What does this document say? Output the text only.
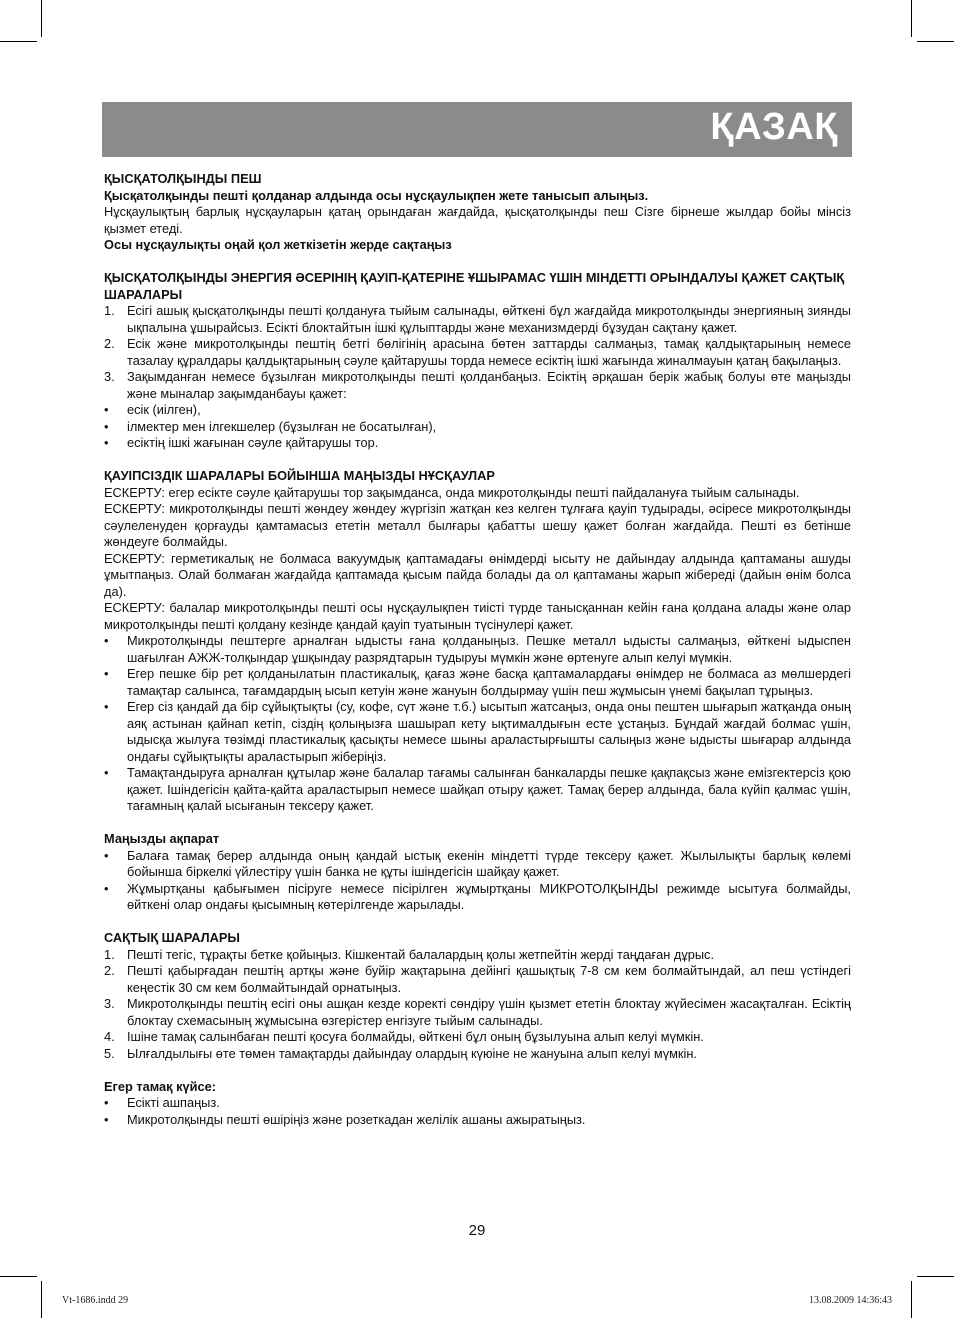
ҚАЗАҚ

ҚЫСҚАТОЛҚЫНДЫ ПЕШ

Қысқатолқынды пешті қолданар алдында осы нұсқаулықпен жете танысып алыңыз.

Нұсқаулықтың барлық нұсқауларын қатаң орындаған жағдайда, қысқатолқынды пеш Сізге бірнеше жылдар бойы мінсіз қызмет етеді.

Осы нұсқаулықты оңай қол жеткізетін жерде сақтаңыз

ҚЫСҚАТОЛҚЫНДЫ ЭНЕРГИЯ ӘСЕРІНІҢ ҚАУІП-ҚАТЕРІНЕ ҰШЫРАМАС ҮШІН МІНДЕТТІ ОРЫНДАЛУЫ ҚАЖЕТ САҚТЫҚ ШАРАЛАРЫ

1. Есігі ашық қысқатолқынды пешті қолдануға тыйым салынады, өйткені бұл жағдайда микротолқынды энергияның зиянды ықпалына ұшырайсыз. Есікті блоктайтын ішкі құлыптарды және механизмдерді бұзудан сақтану қажет.
2. Есік және микротолқынды пештің бетгі бөлігінің арасына бөтен заттарды салмаңыз, тамақ қалдықтарының немесе тазалау құралдары қалдықтарының сәуле қайтарушы торда немесе есіктің ішкі жағында жиналмауын қатаң бақылаңыз.
3. Зақымданған немесе бұзылған микротолқынды пешті қолданбаңыз. Есіктің әрқашан берік жабық болуы өте маңызды және мыналар зақымданбауы қажет:
• есік (иілген),
• ілмектер мен ілгекшелер (бұзылған не босатылған),
• есіктің ішкі жағынан сәуле қайтарушы тор.

ҚАУІПСІЗДІК ШАРАЛАРЫ БОЙЫНША МАҢЫЗДЫ НҰСҚАУЛАР

ЕСКЕРТУ: егер есікте сәуле қайтарушы тор зақымданса, онда микротолқынды пешті пайдалануға тыйым салынады.

ЕСКЕРТУ: микротолқынды пешті жөндеу жөндеу жүргізіп жатқан кез келген тұлғаға қауіп тудырады, әсіресе микротолқынды сәулеленуден қорғауды қамтамасыз ететін металл былғары қабатты шешу қажет болған жағдайда. Пешті өз бетінше жөндеуге болмайды.

ЕСКЕРТУ: герметикалық не болмаса вакуумдық қаптамадағы өнімдерді ысыту не дайындау алдында қаптаманы ашуды ұмытпаңыз. Олай болмаған жағдайда қаптамада қысым пайда болады да ол қаптаманы жарып жібереді (дайын өнім болса да).

ЕСКЕРТУ: балалар микротолқынды пешті осы нұсқаулықпен тиісті түрде танысқаннан кейін ғана қолдана алады және олар микротолқынды пешті қолдану кезінде қандай қауіп туатынын түсінулері қажет.

• Микротолқынды пештерге арналған ыдысты ғана қолданыңыз. Пешке металл ыдысты салмаңыз, өйткені ыдыспен шағылған АЖЖ-толқындар ұшқындау разрядтарын тудыруы мүмкін және өртенуге алып келуі мүмкін.
• Егер пешке бір рет қолданылатын пластикалық, қағаз және басқа қаптамалардағы өнімдер не болмаса аз мөлшердегі тамақтар салынса, тағамдардың ысып кетуін және жануын болдырмау үшін пеш жұмысын үнемі бақылап тұрыңыз.
• Егер сіз қандай да бір сұйықтықты (су, кофе, сүт және т.б.) ысытып жатсаңыз, онда оны пештен шығарып жатқанда оның аяқ астынан қайнап кетіп, сіздің қолыңызға шашырап кету ықтималдығын есте ұстаңыз. Бұндай жағдай болмас үшін, ыдысқа жылуға төзімді пластикалық қасықты немесе шыны араластырғышты салыңыз және ыдысты шығарар алдында ондағы сұйықтықты араластырып жіберіңіз.
• Тамақтандыруға арналған құтылар және балалар тағамы салынған банкаларды пешке қақпақсыз және емізгектерсіз қою қажет. Ішіндегісін қайта-қайта араластырып немесе шайқап отыру қажет. Тамақ берер алдында, бала күйіп қалмас үшін, тағамның қалай ысығанын тексеру қажет.

Маңызды ақпарат

• Балаға тамақ берер алдында оның қандай ыстық екенін міндетті түрде тексеру қажет. Жылылықты барлық көлемі бойынша біркелкі үйлестіру үшін банка не құты ішіндегісін шайқау қажет.
• Жұмыртқаны қабығымен пісіруге немесе пісірілген жұмыртқаны МИКРОТОЛҚЫНДЫ режимде ысытуға болмайды, өйткені олар ондағы қысымның көтерілгенде жарылады.

САҚТЫҚ ШАРАЛАРЫ

1. Пешті тегіс, тұрақты бетке қойыңыз. Кішкентай балалардың қолы жетпейтін жерді таңдаған дұрыс.
2. Пешті қабырғадан пештің артқы және буйір жақтарына дейінгі қашықтық 7-8 см кем болмайтындай, ал пеш үстіндегі кеңестік 30 см кем болмайтындай орнатыңыз.
3. Микротолқынды пештің есігі оны ашқан кезде коректі сөндіру үшін қызмет ететін блоктау жүйесімен жасақталған. Есіктің блоктау схемасының жұмысына өзгерістер енгізуге тыйым салынады.
4. Ішіне тамақ салынбаған пешті қосуға болмайды, өйткені бұл оның бұзылуына алып келуі мүмкін.
5. Ылғалдылығы өте төмен тамақтарды дайындау олардың күюіне не жануына алып келуі мүмкін.

Егер тамақ күйсе:

• Есікті ашпаңыз.
• Микротолқынды пешті өшіріңіз және розеткадан желілік ашаны ажыратыңыз.
29
Vt-1686.indd 29	13.08.2009 14:36:43
